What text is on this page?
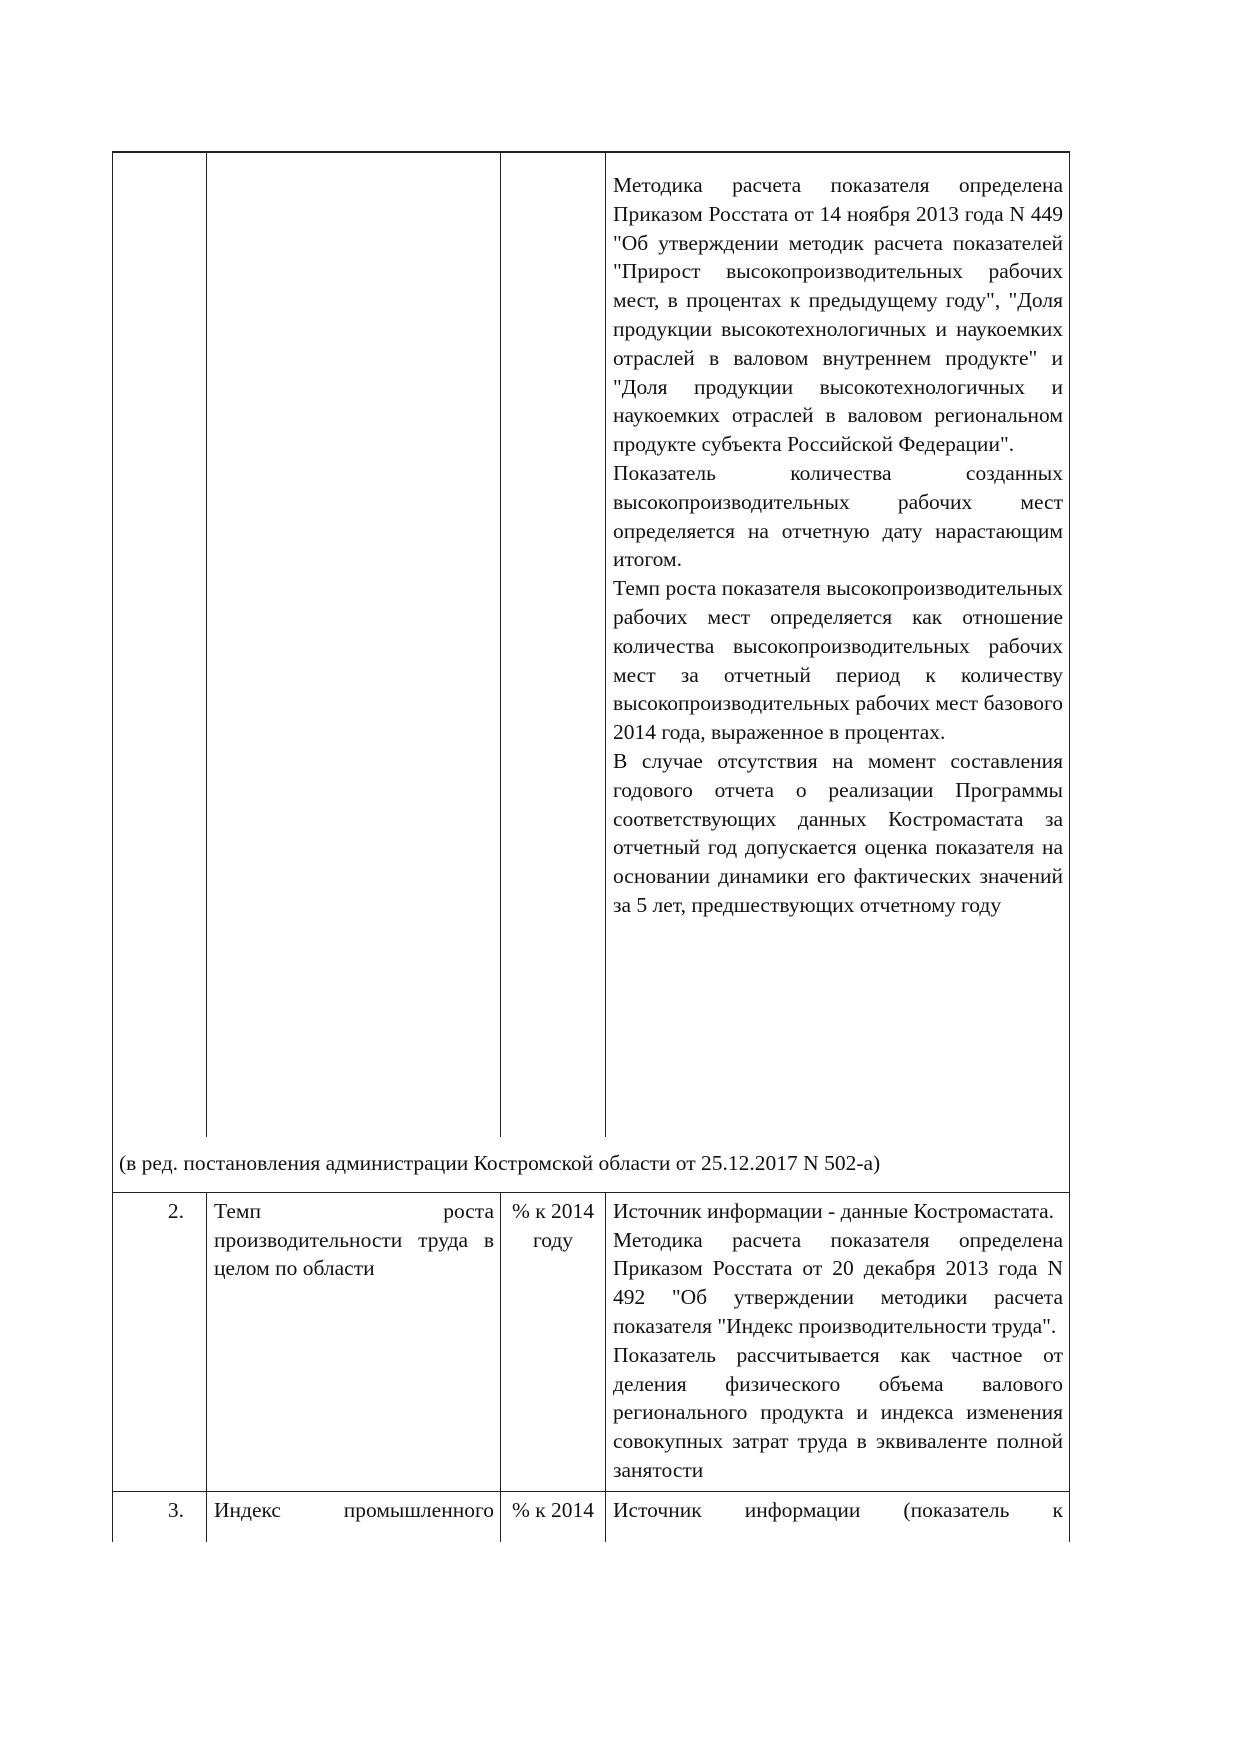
			Методика расчета показателя определена Приказом Росстата от 14 ноября 2013 года N 449 "Об утверждении методик расчета показателей "Прирост высокопроизводительных рабочих мест, в процентах к предыдущему году", "Доля продукции высокотехнологичных и наукоемких отраслей в валовом внутреннем продукте" и "Доля продукции высокотехнологичных и наукоемких отраслей в валовом региональном продукте субъекта Российской Федерации".

Показатель количества созданных высокопроизводительных рабочих мест определяется на отчетную дату нарастающим итогом.

Темп роста показателя высокопроизводительных рабочих мест определяется как отношение количества высокопроизводительных рабочих мест за отчетный период к количеству высокопроизводительных рабочих мест базового 2014 года, выраженное в процентах.

В случае отсутствия на момент составления годового отчета о реализации Программы соответствующих данных Костромастата за отчетный год допускается оценка показателя на основании динамики его фактических значений за 5 лет, предшествующих отчетному году

(в ред. постановления администрации Костромской области от 25.12.2017 N 502-а)			
2.	Темп роста производительности труда в целом по области	% к 2014 году	Источник информации - данные Костромастата.

Методика расчета показателя определена Приказом Росстата от 20 декабря 2013 года N 492 "Об утверждении методики расчета показателя "Индекс производительности труда".

Показатель рассчитывается как частное от деления физического объема валового регионального продукта и индекса изменения совокупных затрат труда в эквиваленте полной занятости

3.	Индекс промышленного	% к 2014	Источник информации (показатель к
